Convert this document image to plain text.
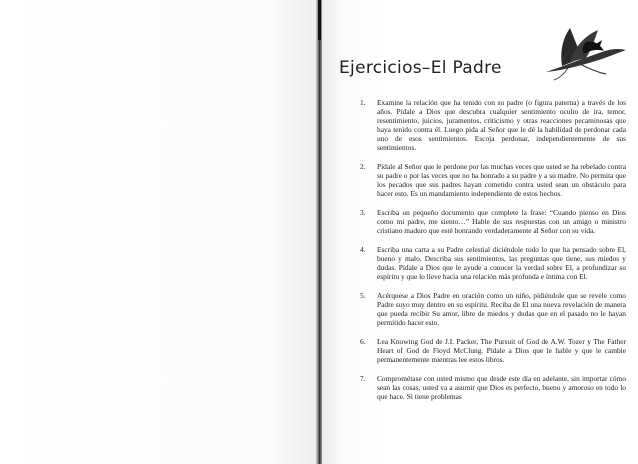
Ejercicios–El Padre
1. Examine la relación que ha tenido con su padre (o figura paterna) a través de los años. Pídale a Dios que descubra cualquier sentimiento oculto de ira, temor, resentimiento, juicios, juramentos, criticismo y otras reacciones pecaminosas que haya tenido contra él. Luego pida al Señor que le dé la habilidad de perdonar cada uno de esos sentimientos. Escoja perdonar, independientemente de sus sentimientos.
2. Pídale al Señor que le perdone por las muchas veces que usted se ha rebelado contra su padre o por las veces que no ha honrado a su padre y a su madre. No permita que los pecados que sus padres hayan cometido contra usted sean un obstáculo para hacer esto. Es un mandamiento independiente de estos hechos.
3. Escriba un pequeño documento que complete la frase: “Cuando pienso en Dios como mi padre, me siento…” Hable de sus respuestas con un amigo o ministro cristiano maduro que esté honrando verdaderamente al Señor con su vida.
4. Escriba una carta a su Padre celestial diciéndole todo lo que ha pensado sobre El, bueno y malo. Describa sus sentimientos, las preguntas que tiene, sus miedos y dudas. Pídale a Dios que le ayude a conocer la verdad sobre El, a profundizar su espíritu y que lo lleve hacia una relación más profunda e íntima con El.
5. Acérquese a Dios Padre en oración como un niño, pidiéndole que se revele como Padre suyo muy dentro en su espíritu. Reciba de El una nueva revelación de manera que pueda recibir Su amor, libre de miedos y dudas que en el pasado no le hayan permitido hacer esto.
6. Lea Knowing God de J.I. Packer, The Pursuit of God de A.W. Tozer y The Father Heart of God de Floyd McClung. Pídale a Dios que le hable y que le cambie permanentemente mientras lee estos libros.
7. Comprométase con usted mismo que desde este día en adelante, sin importar cómo sean las cosas, usted va a asumir que Dios es perfecto, bueno y amoroso en todo lo que hace. Si tiene problemas
